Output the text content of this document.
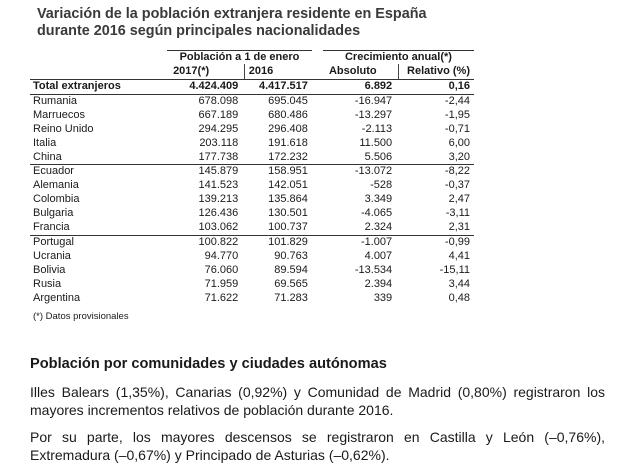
Variación de la población extranjera residente en España
durante 2016 según principales nacionalidades
	Población a 1 de enero			Crecimiento anual(*)	
	2017(*)	2016		Absoluto	Relativo (%)
Total extranjeros	4.424.409	4.417.517		6.892	0,16
Rumania	678.098	695.045		-16.947	-2,44
Marruecos	667.189	680.486		-13.297	-1,95
Reino Unido	294.295	296.408		-2.113	-0,71
Italia	203.118	191.618		11.500	6,00
China	177.738	172.232		5.506	3,20
Ecuador	145.879	158.951		-13.072	-8,22
Alemania	141.523	142.051		-528	-0,37
Colombia	139.213	135.864		3.349	2,47
Bulgaria	126.436	130.501		-4.065	-3,11
Francia	103.062	100.737		2.324	2,31
Portugal	100.822	101.829		-1.007	-0,99
Ucrania	94.770	90.763		4.007	4,41
Bolivia	76.060	89.594		-13.534	-15,11
Rusia	71.959	69.565		2.394	3,44
Argentina	71.622	71.283		339	0,48
(*) Datos provisionales
Población por comunidades y ciudades autónomas
Illes Balears (1,35%), Canarias (0,92%) y Comunidad de Madrid (0,80%) registraron los mayores incrementos relativos de población durante 2016.
Por su parte, los mayores descensos se registraron en Castilla y León (–0,76%), Extremadura (–0,67%) y Principado de Asturias (–0,62%).
